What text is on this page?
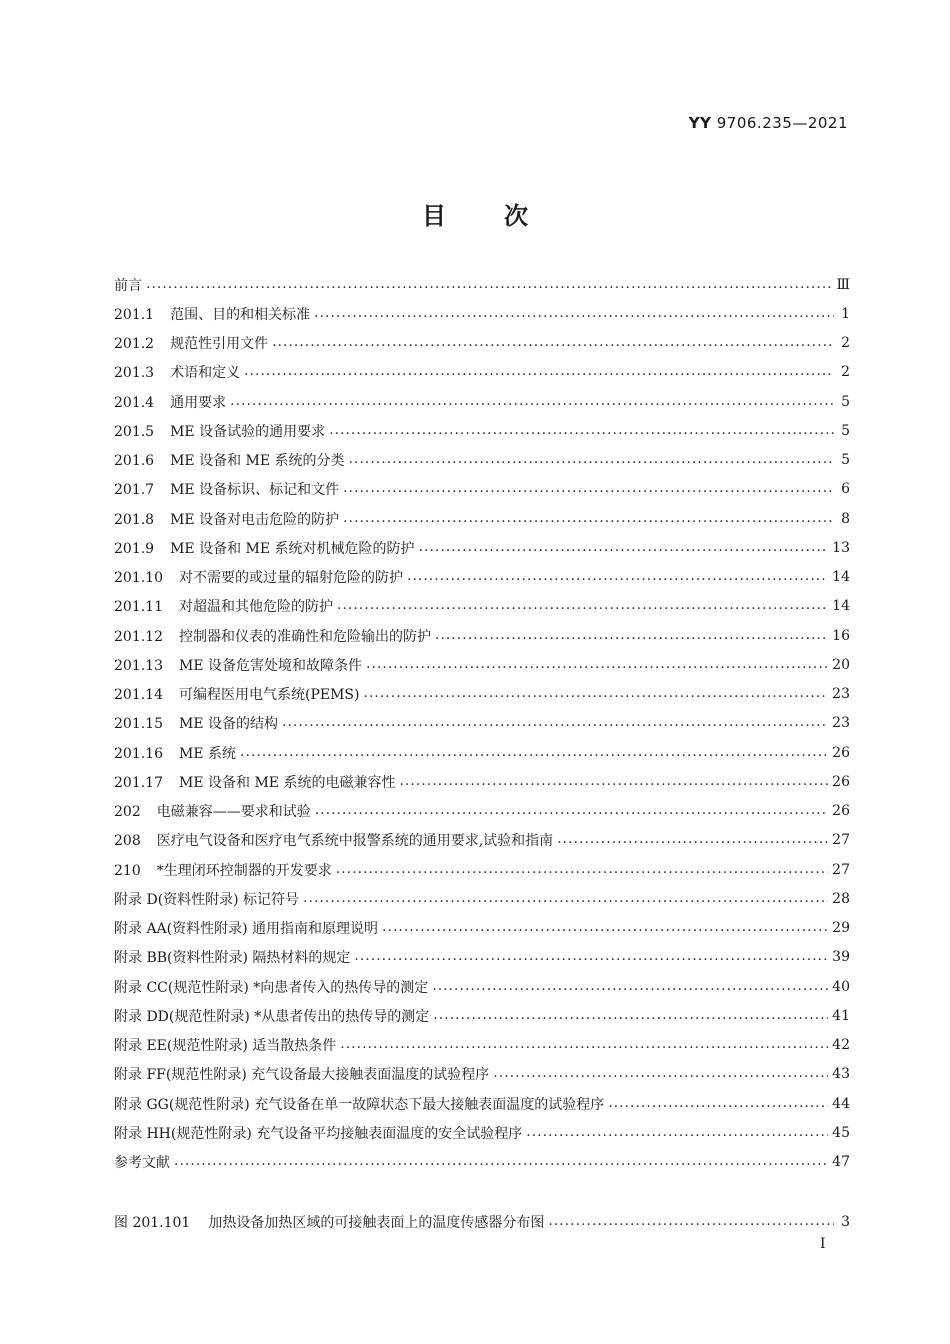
YY 9706.235—2021
目次
前言 ·····	Ⅲ
201.1 范围、目的和相关标准 ·····	1
201.2 规范性引用文件 ·····	2
201.3 术语和定义 ·····	2
201.4 通用要求 ·····	5
201.5 ME 设备试验的通用要求 ·····	5
201.6 ME 设备和 ME 系统的分类 ·····	5
201.7 ME 设备标识、标记和文件 ·····	6
201.8 ME 设备对电击危险的防护 ·····	8
201.9 ME 设备和 ME 系统对机械危险的防护 ·····	13
201.10 对不需要的或过量的辐射危险的防护 ·····	14
201.11 对超温和其他危险的防护 ·····	14
201.12 控制器和仪表的准确性和危险输出的防护 ·····	16
201.13 ME 设备危害处境和故障条件 ·····	20
201.14 可编程医用电气系统(PEMS) ·····	23
201.15 ME 设备的结构 ·····	23
201.16 ME 系统 ·····	26
201.17 ME 设备和 ME 系统的电磁兼容性 ·····	26
202 电磁兼容——要求和试验 ·····	26
208 医疗电气设备和医疗电气系统中报警系统的通用要求,试验和指南 ·····	27
210 *生理闭环控制器的开发要求 ·····	27
附录 D(资料性附录) 标记符号 ·····	28
附录 AA(资料性附录) 通用指南和原理说明 ·····	29
附录 BB(资料性附录) 隔热材料的规定 ·····	39
附录 CC(规范性附录) *向患者传入的热传导的测定 ·····	40
附录 DD(规范性附录) *从患者传出的热传导的测定 ·····	41
附录 EE(规范性附录) 适当散热条件 ·····	42
附录 FF(规范性附录) 充气设备最大接触表面温度的试验程序 ·····	43
附录 GG(规范性附录) 充气设备在单一故障状态下最大接触表面温度的试验程序 ·····	44
附录 HH(规范性附录) 充气设备平均接触表面温度的安全试验程序 ·····	45
参考文献 ·····	47
图 201.101 加热设备加热区域的可接触表面上的温度传感器分布图 ·····	3
I
